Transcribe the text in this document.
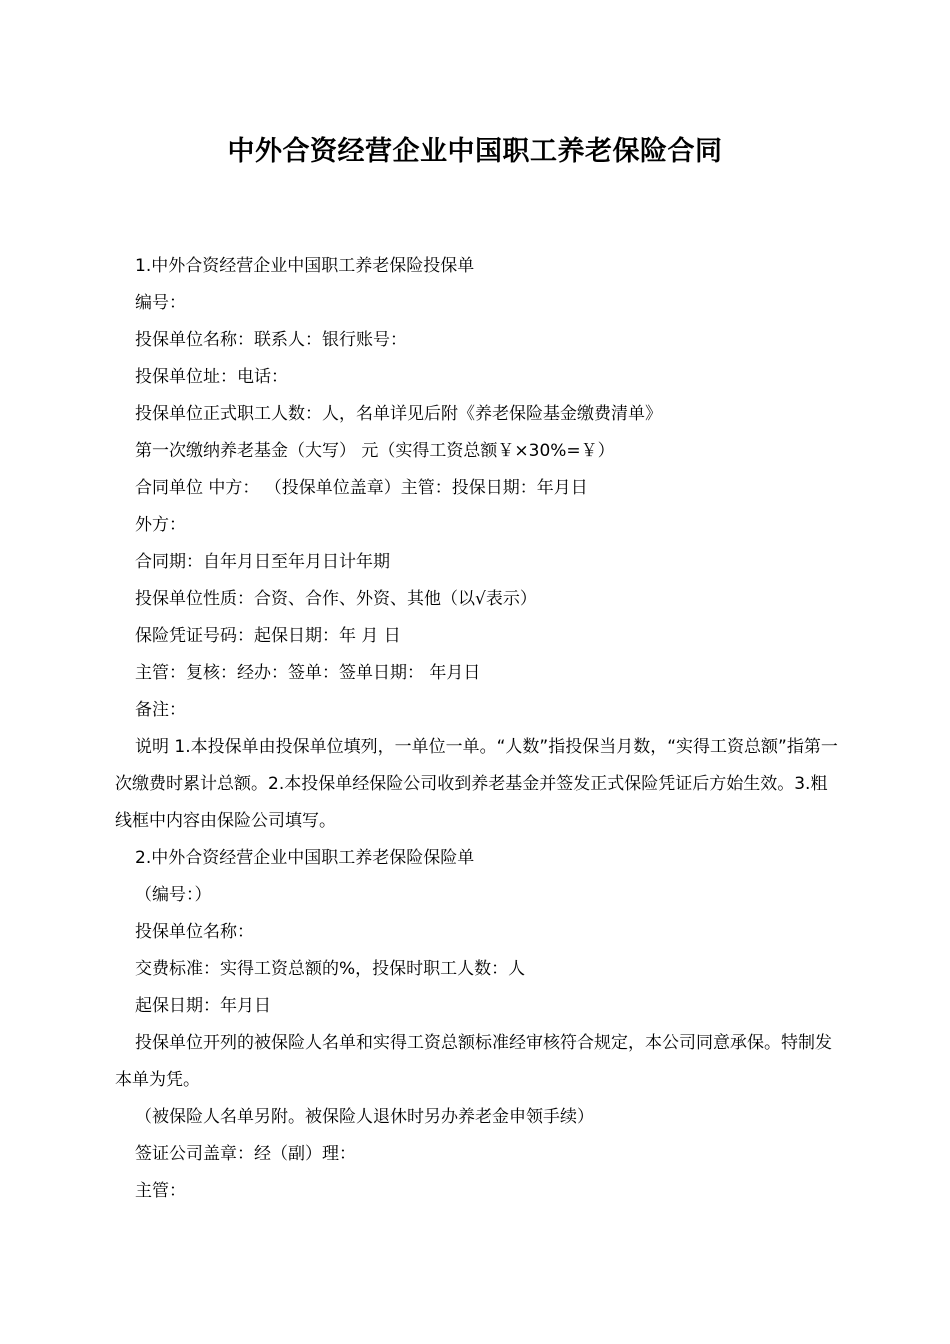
中外合资经营企业中国职工养老保险合同

1.中外合资经营企业中国职工养老保险投保单

编号：

投保单位名称：联系人：银行账号：

投保单位址：电话：

投保单位正式职工人数：人，名单详见后附《养老保险基金缴费清单》

第一次缴纳养老基金（大写） 元（实得工资总额￥×30%=￥）

合同单位 中方： （投保单位盖章）主管：投保日期：年月日

外方：

合同期：自年月日至年月日计年期

投保单位性质：合资、合作、外资、其他（以√表示）

保险凭证号码：起保日期：年 月 日

主管：复核：经办：签单：签单日期： 年月日

备注：

说明 1.本投保单由投保单位填列，一单位一单。“人数”指投保当月数，“实得工资总额”指第一次缴费时累计总额。2.本投保单经保险公司收到养老基金并签发正式保险凭证后方始生效。3.粗线框中内容由保险公司填写。

2.中外合资经营企业中国职工养老保险保险单

（编号：）

投保单位名称：

交费标准：实得工资总额的%，投保时职工人数：人

起保日期：年月日

投保单位开列的被保险人名单和实得工资总额标准经审核符合规定，本公司同意承保。特制发本单为凭。

（被保险人名单另附。被保险人退休时另办养老金申领手续）

签证公司盖章：经（副）理：

主管：
